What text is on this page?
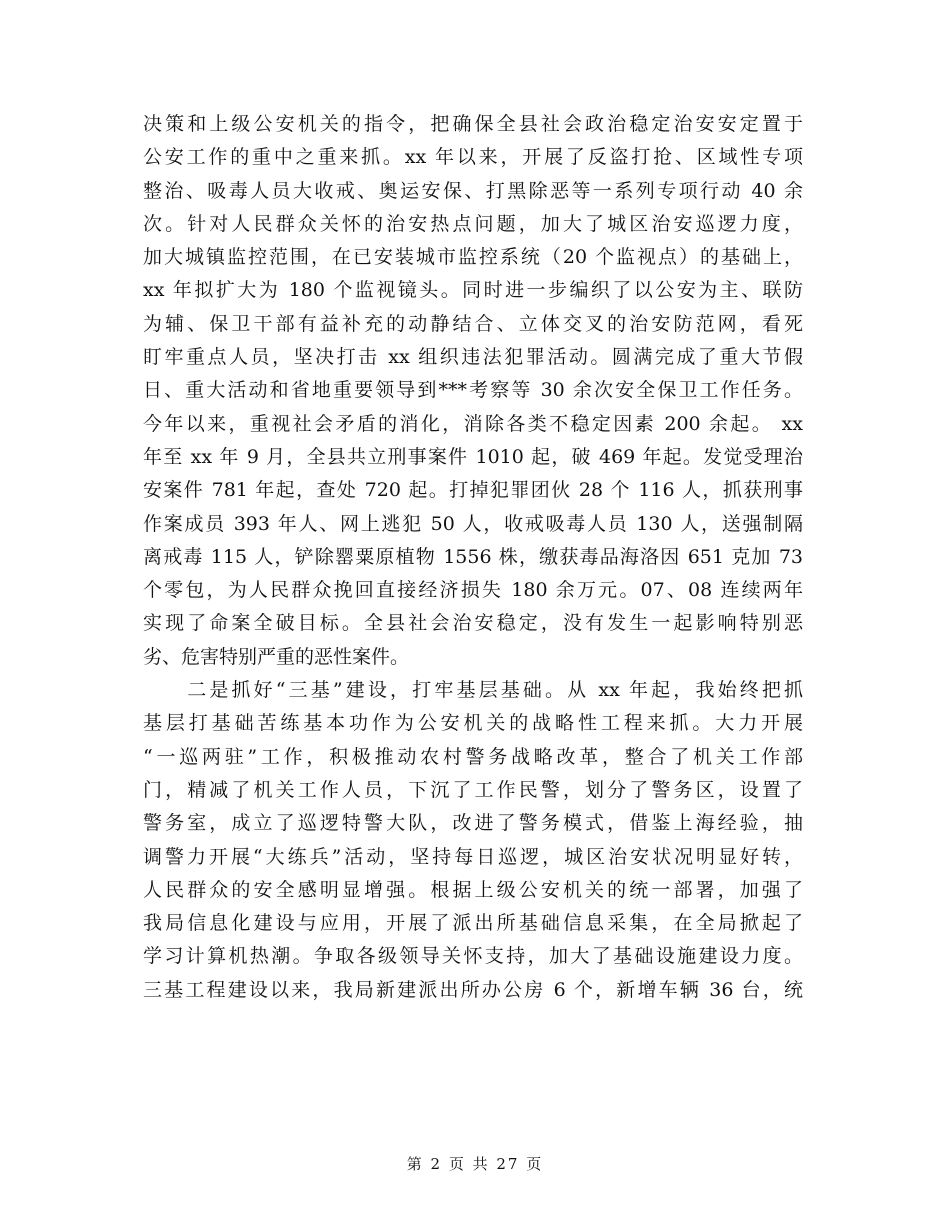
决策和上级公安机关的指令，把确保全县社会政治稳定治安安定置于
公安工作的重中之重来抓。xx 年以来，开展了反盗打抢、区域性专项
整治、吸毒人员大收戒、奥运安保、打黑除恶等一系列专项行动 40 余
次。针对人民群众关怀的治安热点问题，加大了城区治安巡逻力度，
加大城镇监控范围，在已安装城市监控系统（20 个监视点）的基础上，
xx 年拟扩大为 180 个监视镜头。同时进一步编织了以公安为主、联防
为辅、保卫干部有益补充的动静结合、立体交叉的治安防范网，看死
盯牢重点人员，坚决打击 xx 组织违法犯罪活动。圆满完成了重大节假
日、重大活动和省地重要领导到***考察等 30 余次安全保卫工作任务。
今年以来，重视社会矛盾的消化，消除各类不稳定因素 200 余起。 xx
年至 xx 年 9 月，全县共立刑事案件 1010 起，破 469 年起。发觉受理治
安案件 781 年起，查处 720 起。打掉犯罪团伙 28 个 116 人，抓获刑事
作案成员 393 年人、网上逃犯 50 人，收戒吸毒人员 130 人，送强制隔
离戒毒 115 人，铲除罂粟原植物 1556 株，缴获毒品海洛因 651 克加 73
个零包，为人民群众挽回直接经济损失 180 余万元。07、08 连续两年
实现了命案全破目标。全县社会治安稳定，没有发生一起影响特别恶
劣、危害特别严重的恶性案件。
　　二是抓好“三基”建设，打牢基层基础。从 xx 年起，我始终把抓
基层打基础苦练基本功作为公安机关的战略性工程来抓。大力开展
“一巡两驻”工作，积极推动农村警务战略改革，整合了机关工作部
门，精减了机关工作人员，下沉了工作民警，划分了警务区，设置了
警务室，成立了巡逻特警大队，改进了警务模式，借鉴上海经验，抽
调警力开展“大练兵”活动，坚持每日巡逻，城区治安状况明显好转，
人民群众的安全感明显增强。根据上级公安机关的统一部署，加强了
我局信息化建设与应用，开展了派出所基础信息采集，在全局掀起了
学习计算机热潮。争取各级领导关怀支持，加大了基础设施建设力度。
三基工程建设以来，我局新建派出所办公房 6 个，新增车辆 36 台，统
第 2 页 共 27 页
